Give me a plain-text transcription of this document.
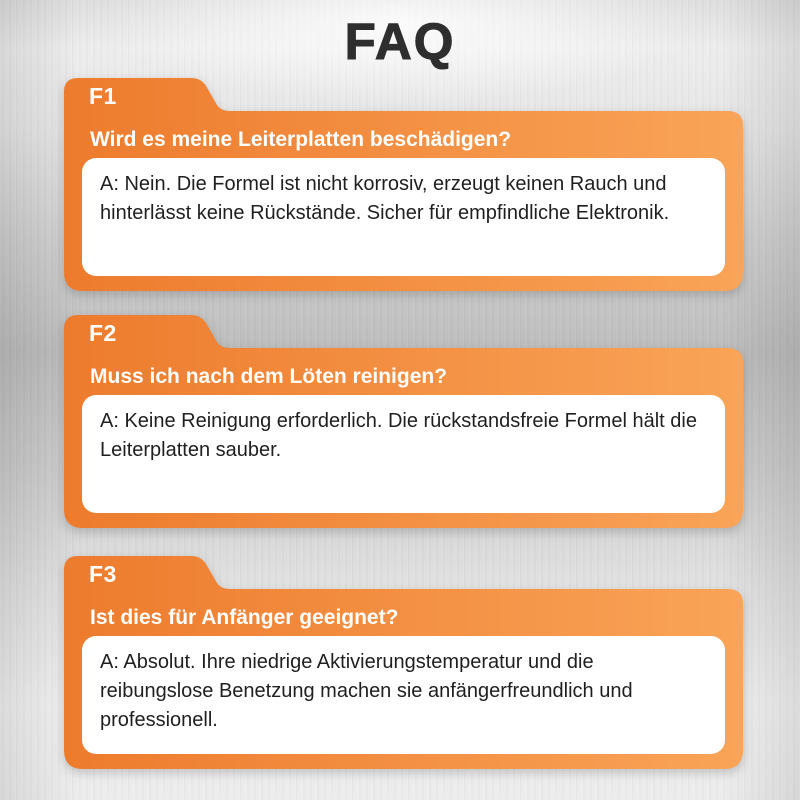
FAQ
F1
Wird es meine Leiterplatten beschädigen?
A: Nein. Die Formel ist nicht korrosiv, erzeugt keinen Rauch und hinterlässt keine Rückstände. Sicher für empfindliche Elektronik.
F2
Muss ich nach dem Löten reinigen?
A: Keine Reinigung erforderlich. Die rückstandsfreie Formel hält die Leiterplatten sauber.
F3
Ist dies für Anfänger geeignet?
A: Absolut. Ihre niedrige Aktivierungstemperatur und die reibungslose Benetzung machen sie anfängerfreundlich und professionell.
